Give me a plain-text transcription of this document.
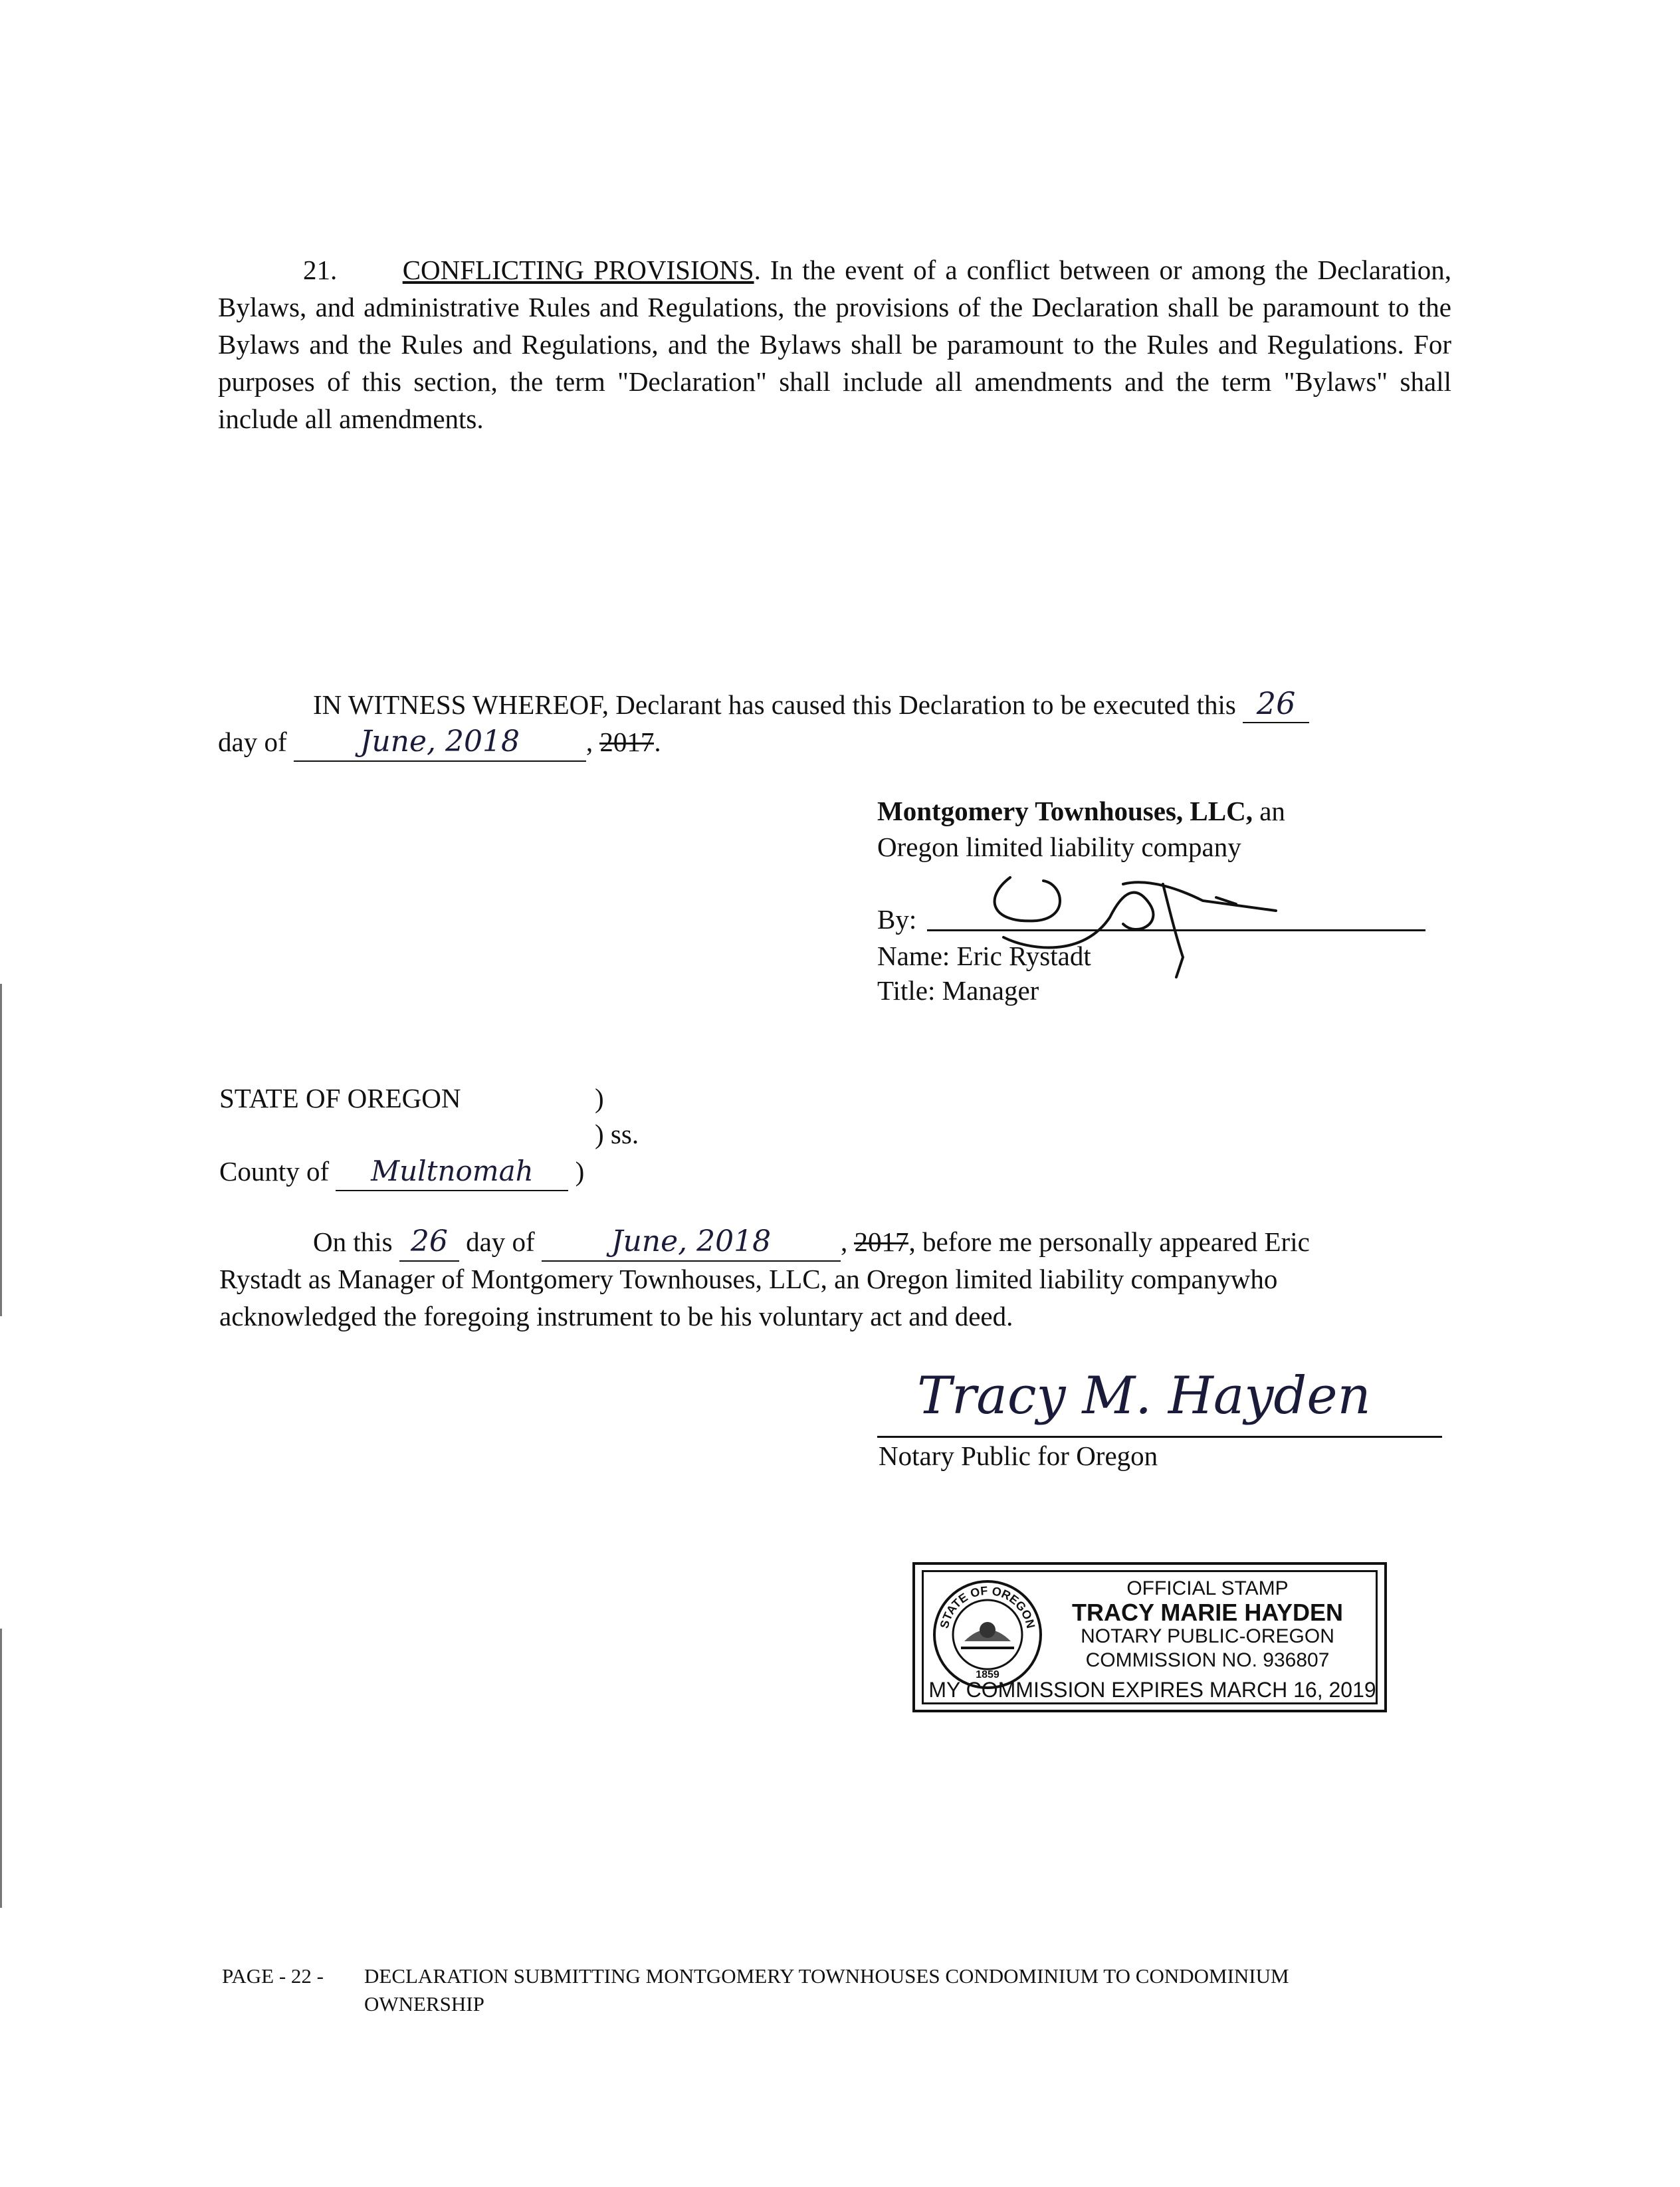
21. CONFLICTING PROVISIONS. In the event of a conflict between or among the Declaration, Bylaws, and administrative Rules and Regulations, the provisions of the Declaration shall be paramount to the Bylaws and the Rules and Regulations, and the Bylaws shall be paramount to the Rules and Regulations. For purposes of this section, the term "Declaration" shall include all amendments and the term "Bylaws" shall include all amendments.
IN WITNESS WHEREOF, Declarant has caused this Declaration to be executed this 26
day of	June, 2018 , 2017.
Montgomery Townhouses, LLC, an
Oregon limited liability company
By:
Name: Eric Rystadt
Title: Manager
STATE OF OREGON	)
) ss.
County of Multnomah )
On this 26 day of	June, 2018	, 2017, before me personally appeared Eric
Rystadt as Manager of Montgomery Townhouses, LLC, an Oregon limited liability companywho
acknowledged the foregoing instrument to be his voluntary act and deed.
Tracy M. Hayden
Notary Public for Oregon
STATE OF OREGON
1859
OFFICIAL STAMP
TRACY MARIE HAYDEN
NOTARY PUBLIC-OREGON
COMMISSION NO. 936807
MY COMMISSION EXPIRES MARCH 16, 2019
PAGE - 22 - DECLARATION SUBMITTING MONTGOMERY TOWNHOUSES CONDOMINIUM TO CONDOMINIUM
OWNERSHIP
